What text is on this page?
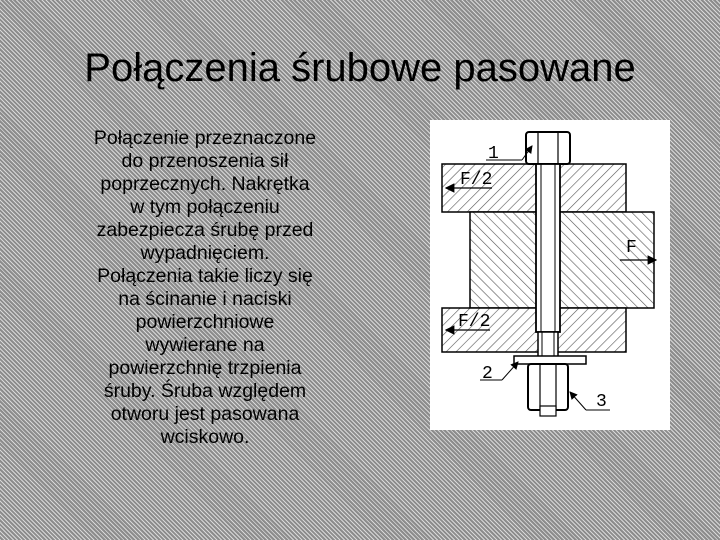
Połączenia śrubowe pasowane
Połączenie przeznaczone
do przenoszenia sił
poprzecznych. Nakrętka
w tym połączeniu
zabezpiecza śrubę przed
wypadnięciem.
Połączenia takie liczy się
na ścinanie i naciski
powierzchniowe
wywierane na
powierzchnię trzpienia
śruby. Śruba względem
otworu jest pasowana
wciskowo.
1
F/2
F
F/2
2
3
